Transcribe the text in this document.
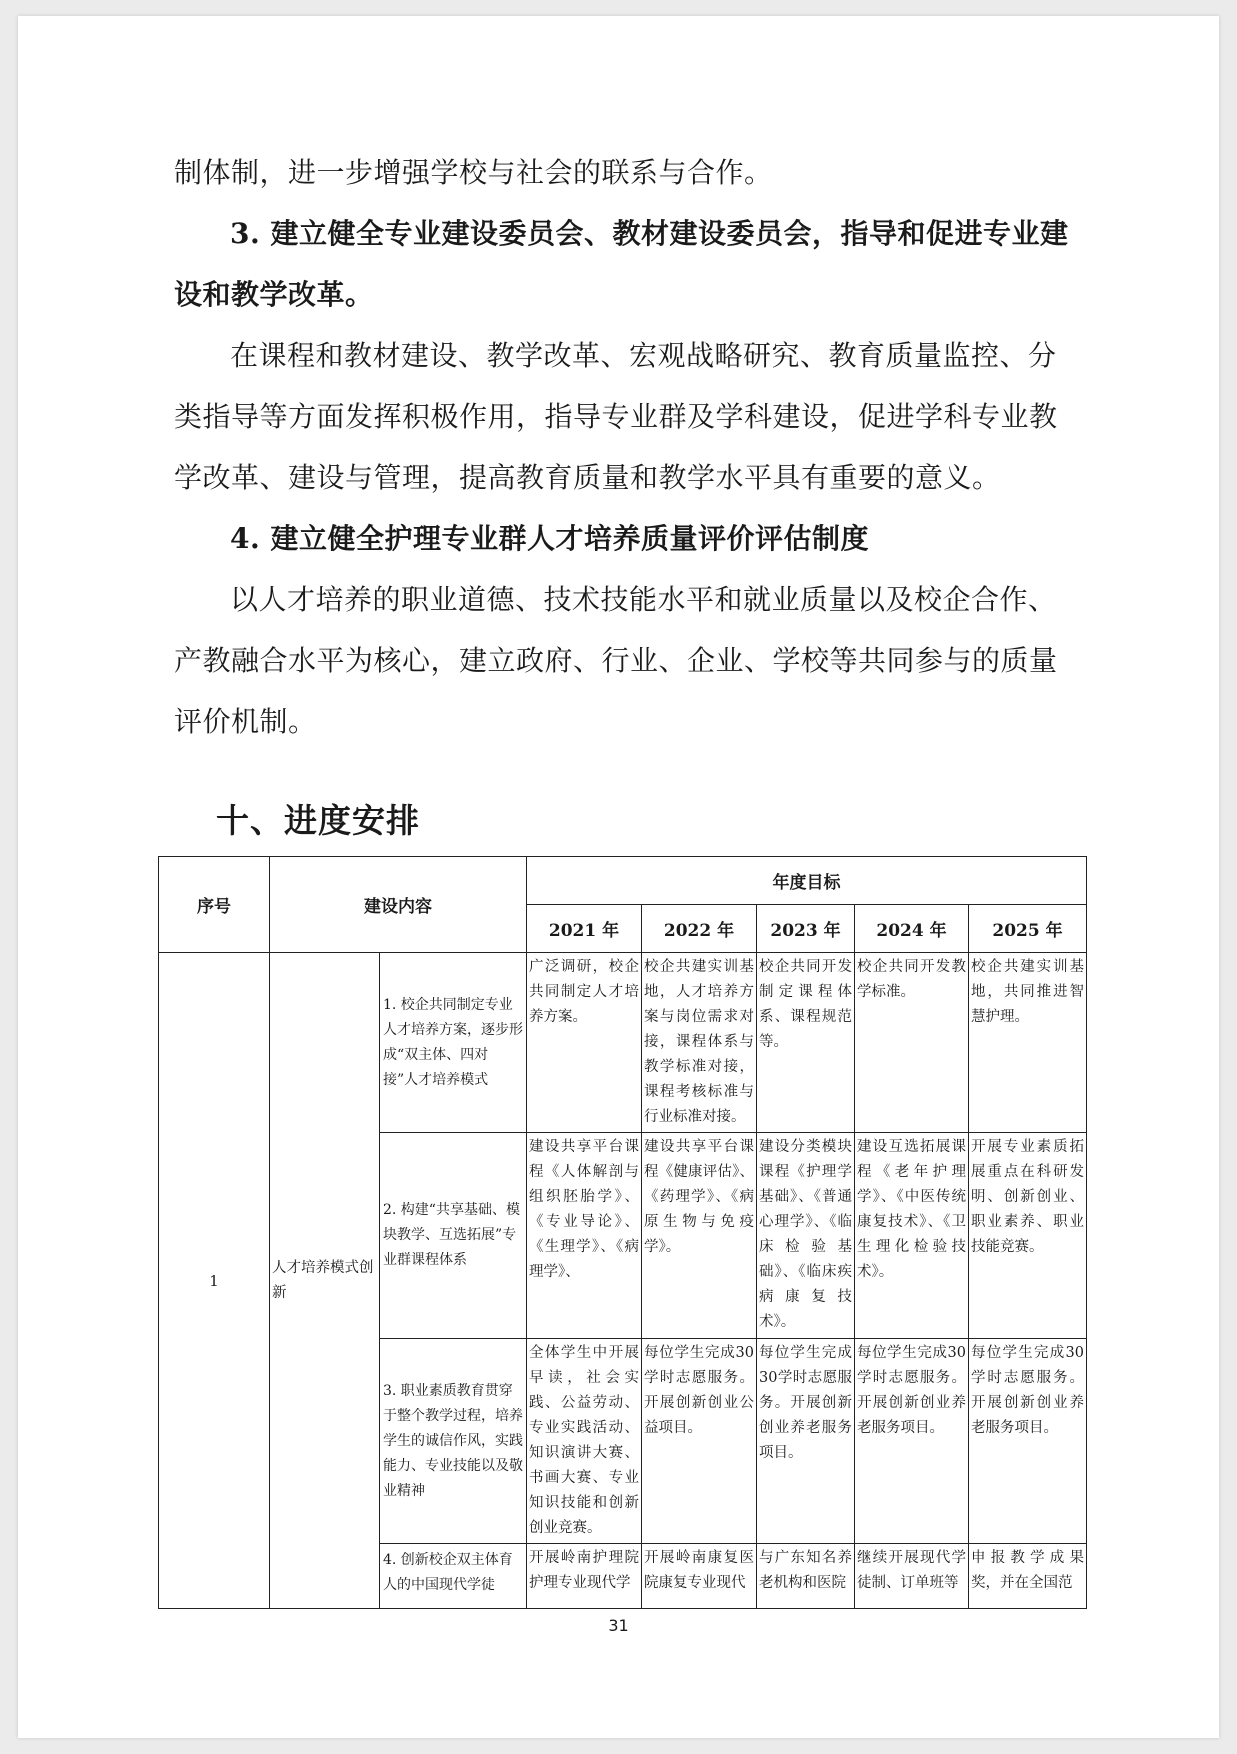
制体制，进一步增强学校与社会的联系与合作。

3. 建立健全专业建设委员会、教材建设委员会，指导和促进专业建设和教学改革。

在课程和教材建设、教学改革、宏观战略研究、教育质量监控、分类指导等方面发挥积极作用，指导专业群及学科建设，促进学科专业教学改革、建设与管理，提高教育质量和教学水平具有重要的意义。

4. 建立健全护理专业群人才培养质量评价评估制度

以人才培养的职业道德、技术技能水平和就业质量以及校企合作、产教融合水平为核心，建立政府、行业、企业、学校等共同参与的质量评价机制。

十、进度安排
序号	建设内容		年度目标				
			2021 年	2022 年	2023 年	2024 年	2025 年
1	人才培养模式创新	1. 校企共同制定专业人才培养方案，逐步形成“双主体、四对接”人才培养模式	广泛调研，校企共同制定人才培养方案。	校企共建实训基地，人才培养方案与岗位需求对接，课程体系与教学标准对接，课程考核标准与行业标准对接。	校企共同开发制定课程体系、课程规范等。	校企共同开发教学标准。	校企共建实训基地，共同推进智慧护理。
		2. 构建“共享基础、模块教学、互选拓展”专业群课程体系	建设共享平台课程《人体解剖与组织胚胎学》、《专业导论》、《生理学》、《病理学》、	建设共享平台课程《健康评估》、《药理学》、《病原生物与免疫学》。	建设分类模块课程《护理学基础》、《普通心理学》、《临床检验基础》、《临床疾病康复技术》。	建设互选拓展课程《老年护理学》、《中医传统康复技术》、《卫生理化检验技术》。	开展专业素质拓展重点在科研发明、创新创业、职业素养、职业技能竞赛。
		3. 职业素质教育贯穿于整个教学过程，培养学生的诚信作风，实践能力、专业技能以及敬业精神	全体学生中开展早读，社会实践、公益劳动、专业实践活动、知识演讲大赛、书画大赛、专业知识技能和创新创业竞赛。	每位学生完成30学时志愿服务。开展创新创业公益项目。	每位学生完成30学时志愿服务。开展创新创业养老服务项目。	每位学生完成30学时志愿服务。开展创新创业养老服务项目。	每位学生完成30学时志愿服务。开展创新创业养老服务项目。
		4. 创新校企双主体育人的中国现代学徒	开展岭南护理院护理专业现代学	开展岭南康复医院康复专业现代	与广东知名养老机构和医院	继续开展现代学徒制、订单班等	申报教学成果奖，并在全国范
31
